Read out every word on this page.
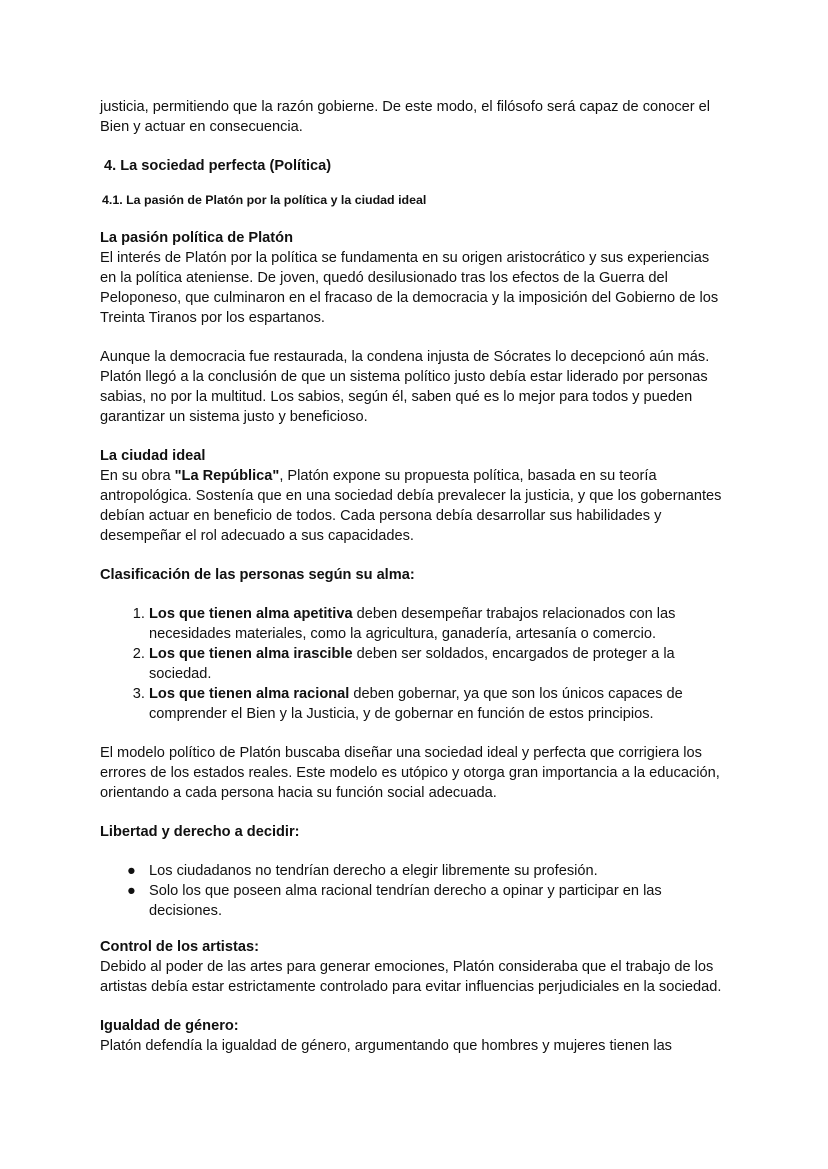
justicia, permitiendo que la razón gobierne. De este modo, el filósofo será capaz de conocer el Bien y actuar en consecuencia.

4. La sociedad perfecta (Política)
4.1. La pasión de Platón por la política y la ciudad ideal
La pasión política de Platón

El interés de Platón por la política se fundamenta en su origen aristocrático y sus experiencias en la política ateniense. De joven, quedó desilusionado tras los efectos de la Guerra del Peloponeso, que culminaron en el fracaso de la democracia y la imposición del Gobierno de los Treinta Tiranos por los espartanos.

Aunque la democracia fue restaurada, la condena injusta de Sócrates lo decepcionó aún más. Platón llegó a la conclusión de que un sistema político justo debía estar liderado por personas sabias, no por la multitud. Los sabios, según él, saben qué es lo mejor para todos y pueden garantizar un sistema justo y beneficioso.

La ciudad ideal

En su obra "La República", Platón expone su propuesta política, basada en su teoría antropológica. Sostenía que en una sociedad debía prevalecer la justicia, y que los gobernantes debían actuar en beneficio de todos. Cada persona debía desarrollar sus habilidades y desempeñar el rol adecuado a sus capacidades.

Clasificación de las personas según su alma:
1. Los que tienen alma apetitiva deben desempeñar trabajos relacionados con las necesidades materiales, como la agricultura, ganadería, artesanía o comercio.
2. Los que tienen alma irascible deben ser soldados, encargados de proteger a la sociedad.
3. Los que tienen alma racional deben gobernar, ya que son los únicos capaces de comprender el Bien y la Justicia, y de gobernar en función de estos principios.

El modelo político de Platón buscaba diseñar una sociedad ideal y perfecta que corrigiera los errores de los estados reales. Este modelo es utópico y otorga gran importancia a la educación, orientando a cada persona hacia su función social adecuada.

Libertad y derecho a decidir:
● Los ciudadanos no tendrían derecho a elegir libremente su profesión.
● Solo los que poseen alma racional tendrían derecho a opinar y participar en las decisiones.
Control de los artistas:

Debido al poder de las artes para generar emociones, Platón consideraba que el trabajo de los artistas debía estar estrictamente controlado para evitar influencias perjudiciales en la sociedad.

Igualdad de género:

Platón defendía la igualdad de género, argumentando que hombres y mujeres tienen las
